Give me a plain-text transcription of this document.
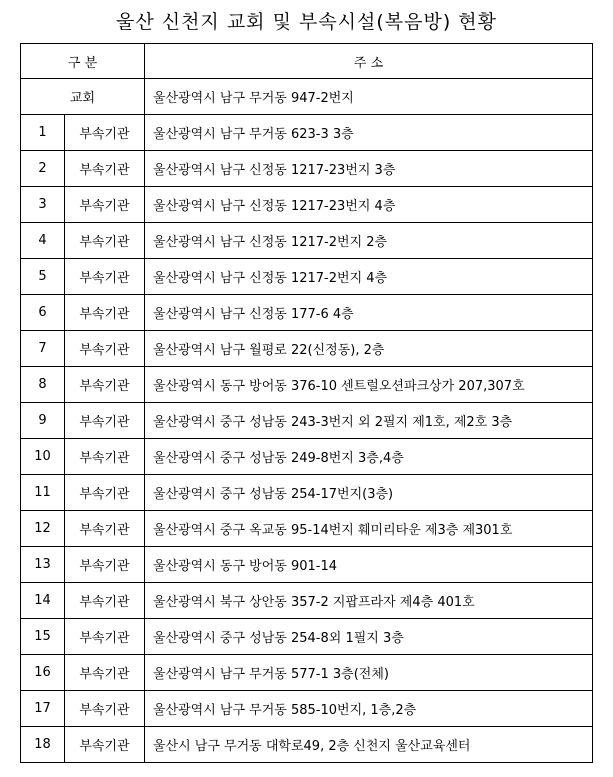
울산 신천지 교회 및 부속시설(복음방) 현황
구 분		주 소
교회		울산광역시 남구 무거동 947-2번지
1	부속기관	울산광역시 남구 무거동 623-3 3층
2	부속기관	울산광역시 남구 신정동 1217-23번지 3층
3	부속기관	울산광역시 남구 신정동 1217-23번지 4층
4	부속기관	울산광역시 남구 신정동 1217-2번지 2층
5	부속기관	울산광역시 남구 신정동 1217-2번지 4층
6	부속기관	울산광역시 남구 신정동 177-6 4층
7	부속기관	울산광역시 남구 월평로 22(신정동), 2층
8	부속기관	울산광역시 동구 방어동 376-10 센트럴오션파크상가 207,307호
9	부속기관	울산광역시 중구 성남동 243-3번지 외 2필지 제1호, 제2호 3층
10	부속기관	울산광역시 중구 성남동 249-8번지 3층,4층
11	부속기관	울산광역시 중구 성남동 254-17번지(3층)
12	부속기관	울산광역시 중구 옥교동 95-14번지 훼미리타운 제3층 제301호
13	부속기관	울산광역시 동구 방어동 901-14
14	부속기관	울산광역시 북구 상안동 357-2 지팝프라자 제4층 401호
15	부속기관	울산광역시 중구 성남동 254-8외 1필지 3층
16	부속기관	울산광역시 남구 무거동 577-1 3층(전체)
17	부속기관	울산광역시 남구 무거동 585-10번지, 1층,2층
18	부속기관	울산시 남구 무거동 대학로49, 2층 신천지 울산교육센터
